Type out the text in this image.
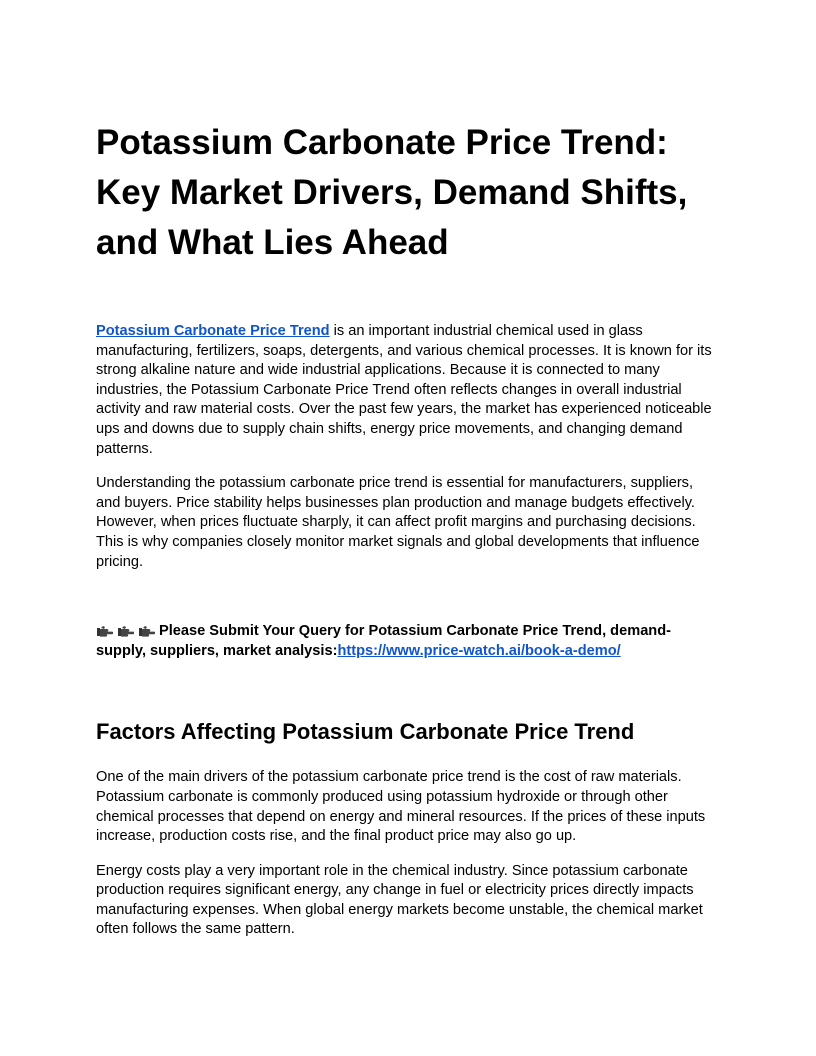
Potassium Carbonate Price Trend: Key Market Drivers, Demand Shifts, and What Lies Ahead

Potassium Carbonate Price Trend is an important industrial chemical used in glass manufacturing, fertilizers, soaps, detergents, and various chemical processes. It is known for its strong alkaline nature and wide industrial applications. Because it is connected to many industries, the Potassium Carbonate Price Trend often reflects changes in overall industrial activity and raw material costs. Over the past few years, the market has experienced noticeable ups and downs due to supply chain shifts, energy price movements, and changing demand patterns.

Understanding the potassium carbonate price trend is essential for manufacturers, suppliers, and buyers. Price stability helps businesses plan production and manage budgets effectively. However, when prices fluctuate sharply, it can affect profit margins and purchasing decisions. This is why companies closely monitor market signals and global developments that influence pricing.

Please Submit Your Query for Potassium Carbonate Price Trend, demand-supply, suppliers, market analysis:https://www.price-watch.ai/book-a-demo/

Factors Affecting Potassium Carbonate Price Trend

One of the main drivers of the potassium carbonate price trend is the cost of raw materials. Potassium carbonate is commonly produced using potassium hydroxide or through other chemical processes that depend on energy and mineral resources. If the prices of these inputs increase, production costs rise, and the final product price may also go up.

Energy costs play a very important role in the chemical industry. Since potassium carbonate production requires significant energy, any change in fuel or electricity prices directly impacts manufacturing expenses. When global energy markets become unstable, the chemical market often follows the same pattern.
